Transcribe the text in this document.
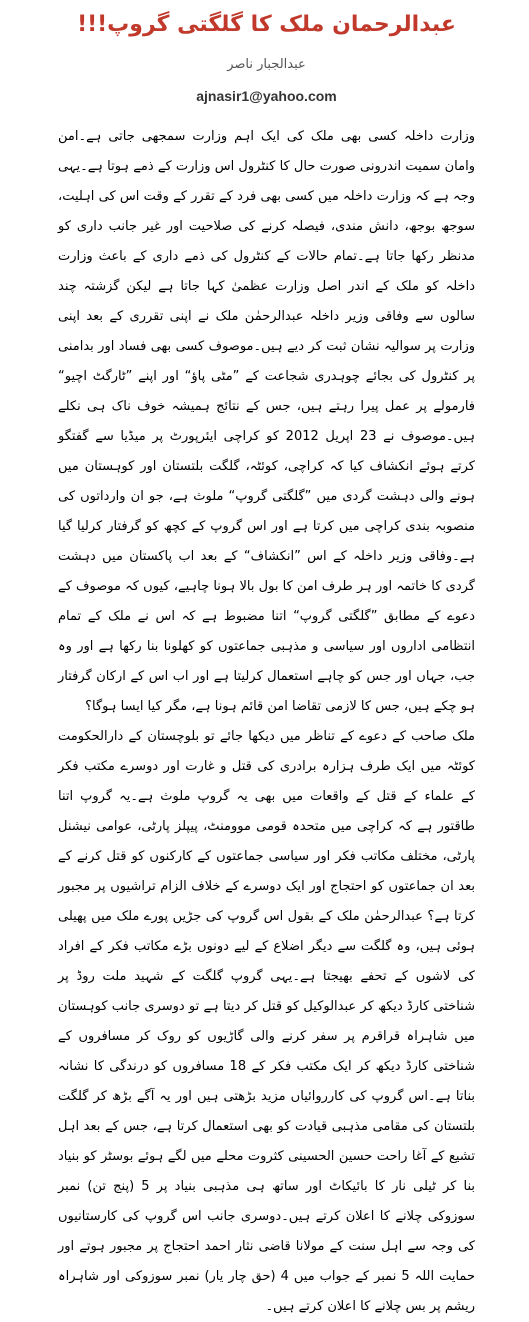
عبدالرحمان ملک کا گلگتی گروپ!!!
عبدالجبار ناصر
ajnasir1@yahoo.com

وزارت داخلہ کسی بھی ملک کی ایک اہم وزارت سمجھی جاتی ہے۔امن وامان سمیت اندرونی صورت حال کا کنٹرول اس وزارت کے ذمے ہوتا ہے۔یہی وجہ ہے کہ وزارت داخلہ میں کسی بھی فرد کے تقرر کے وقت اس کی اہلیت، سوجھ بوجھ، دانش مندی، فیصلہ کرنے کی صلاحیت اور غیر جانب داری کو مدنظر رکھا جاتا ہے۔تمام حالات کے کنٹرول کی ذمے داری کے باعث وزارت داخلہ کو ملک کے اندر اصل وزارت عظمیٰ کہا جاتا ہے لیکن گزشتہ چند سالوں سے وفاقی وزیر داخلہ عبدالرحمٰن ملک نے اپنی تقرری کے بعد اپنی وزارت پر سوالیہ نشان ثبت کر دیے ہیں۔موصوف کسی بھی فساد اور بدامنی پر کنٹرول کی بجائے چوہدری شجاعت کے ”مٹی پاؤ“ اور اپنے ”ٹارگٹ اچیو“ فارمولے پر عمل پیرا رہتے ہیں، جس کے نتائج ہمیشہ خوف ناک ہی نکلے ہیں۔موصوف نے 23 اپریل 2012 کو کراچی ایئرپورٹ پر میڈیا سے گفتگو کرتے ہوئے انکشاف کیا کہ کراچی، کوئٹہ، گلگت بلتستان اور کوہستان میں ہونے والی دہشت گردی میں ”گلگتی گروپ“ ملوث ہے، جو ان وارداتوں کی منصوبہ بندی کراچی میں کرتا ہے اور اس گروپ کے کچھ کو گرفتار کرلیا گیا ہے۔وفاقی وزیر داخلہ کے اس ”انکشاف“ کے بعد اب پاکستان میں دہشت گردی کا خاتمہ اور ہر طرف امن کا بول بالا ہونا چاہیے، کیوں کہ موصوف کے دعوے کے مطابق ”گلگتی گروپ“ اتنا مضبوط ہے کہ اس نے ملک کے تمام انتظامی اداروں اور سیاسی و مذہبی جماعتوں کو کھلونا بنا رکھا ہے اور وہ جب، جہاں اور جس کو چاہے استعمال کرلیتا ہے اور اب اس کے ارکان گرفتار ہو چکے ہیں، جس کا لازمی تقاضا امن قائم ہونا ہے، مگر کیا ایسا ہوگا؟

ملک صاحب کے دعوے کے تناظر میں دیکھا جائے تو بلوچستان کے دارالحکومت کوئٹہ میں ایک طرف ہزارہ برادری کی قتل و غارت اور دوسرے مکتب فکر کے علماء کے قتل کے واقعات میں بھی یہ گروپ ملوث ہے۔یہ گروپ اتنا طاقتور ہے کہ کراچی میں متحدہ قومی موومنٹ، پیپلز پارٹی، عوامی نیشنل پارٹی، مختلف مکاتب فکر اور سیاسی جماعتوں کے کارکنوں کو قتل کرنے کے بعد ان جماعتوں کو احتجاج اور ایک دوسرے کے خلاف الزام تراشیوں پر مجبور کرتا ہے؟ عبدالرحمٰن ملک کے بقول اس گروپ کی جڑیں پورے ملک میں پھیلی ہوئی ہیں، وہ گلگت سے دیگر اضلاع کے لیے دونوں بڑے مکاتب فکر کے افراد کی لاشوں کے تحفے بھیجتا ہے۔یہی گروپ گلگت کے شہید ملت روڈ پر شناختی کارڈ دیکھ کر عبدالوکیل کو قتل کر دیتا ہے تو دوسری جانب کوہستان میں شاہراہ قراقرم پر سفر کرنے والی گاڑیوں کو روک کر مسافروں کے شناختی کارڈ دیکھ کر ایک مکتب فکر کے 18 مسافروں کو درندگی کا نشانہ بناتا ہے۔اس گروپ کی کارروائیاں مزید بڑھتی ہیں اور یہ آگے بڑھ کر گلگت بلتستان کی مقامی مذہبی قیادت کو بھی استعمال کرتا ہے، جس کے بعد اہل تشیع کے آغا راحت حسین الحسینی کثروت محلے میں لگے ہوئے بوسٹر کو بنیاد بنا کر ٹیلی نار کا بائیکاٹ اور ساتھ ہی مذہبی بنیاد پر 5 (پنج تن) نمبر سوزوکی چلانے کا اعلان کرتے ہیں۔دوسری جانب اس گروپ کی کارستانیوں کی وجہ سے اہل سنت کے مولانا قاضی نثار احمد احتجاج پر مجبور ہوتے اور حمایت اللہ 5 نمبر کے جواب میں 4 (حق چار یار) نمبر سوزوکی اور شاہراہ ریشم پر بس چلانے کا اعلان کرتے ہیں۔
